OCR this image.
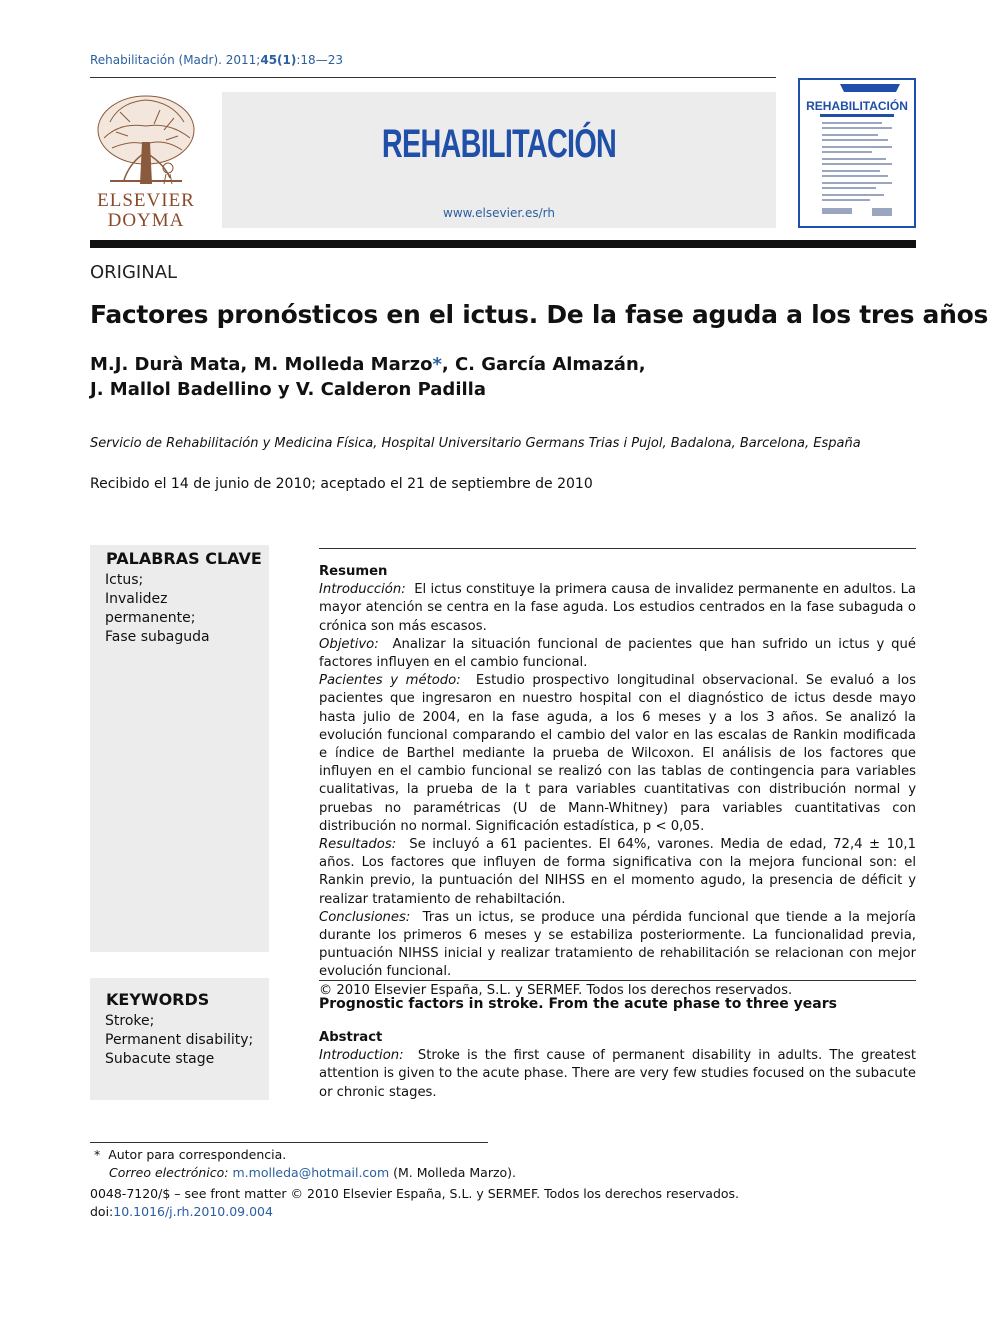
Rehabilitación (Madr). 2011;45(1):18—23
ELSEVIER
DOYMA
REHABILITACIÓN
www.elsevier.es/rh
REHABILITACIÓN
ORIGINAL
Factores pronósticos en el ictus. De la fase aguda a los tres años
M.J. Durà Mata, M. Molleda Marzo*, C. García Almazán,
J. Mallol Badellino y V. Calderon Padilla
Servicio de Rehabilitación y Medicina Física, Hospital Universitario Germans Trias i Pujol, Badalona, Barcelona, España
Recibido el 14 de junio de 2010; aceptado el 21 de septiembre de 2010
PALABRAS CLAVE
Ictus;
Invalidez permanente;
Fase subaguda
KEYWORDS
Stroke;
Permanent disability;
Subacute stage

Resumen

Introducción: El ictus constituye la primera causa de invalidez permanente en adultos. La mayor atención se centra en la fase aguda. Los estudios centrados en la fase subaguda o crónica son más escasos.

Objetivo: Analizar la situación funcional de pacientes que han sufrido un ictus y qué factores influyen en el cambio funcional.

Pacientes y método: Estudio prospectivo longitudinal observacional. Se evaluó a los pacientes que ingresaron en nuestro hospital con el diagnóstico de ictus desde mayo hasta julio de 2004, en la fase aguda, a los 6 meses y a los 3 años. Se analizó la evolución funcional comparando el cambio del valor en las escalas de Rankin modificada e índice de Barthel mediante la prueba de Wilcoxon. El análisis de los factores que influyen en el cambio funcional se realizó con las tablas de contingencia para variables cualitativas, la prueba de la t para variables cuantitativas con distribución normal y pruebas no paramétricas (U de Mann-Whitney) para variables cuantitativas con distribución no normal. Significación estadística, p < 0,05.

Resultados: Se incluyó a 61 pacientes. El 64%, varones. Media de edad, 72,4 ± 10,1 años. Los factores que influyen de forma significativa con la mejora funcional son: el Rankin previo, la puntuación del NIHSS en el momento agudo, la presencia de déficit y realizar tratamiento de rehabiltación.

Conclusiones: Tras un ictus, se produce una pérdida funcional que tiende a la mejoría durante los primeros 6 meses y se estabiliza posteriormente. La funcionalidad previa, puntuación NIHSS inicial y realizar tratamiento de rehabilitación se relacionan con mejor evolución funcional.

© 2010 Elsevier España, S.L. y SERMEF. Todos los derechos reservados.

Prognostic factors in stroke. From the acute phase to three years

Abstract

Introduction: Stroke is the first cause of permanent disability in adults. The greatest attention is given to the acute phase. There are very few studies focused on the subacute or chronic stages.

* Autor para correspondencia.
Correo electrónico: m.molleda@hotmail.com (M. Molleda Marzo).
0048-7120/$ – see front matter © 2010 Elsevier España, S.L. y SERMEF. Todos los derechos reservados.
doi:10.1016/j.rh.2010.09.004
